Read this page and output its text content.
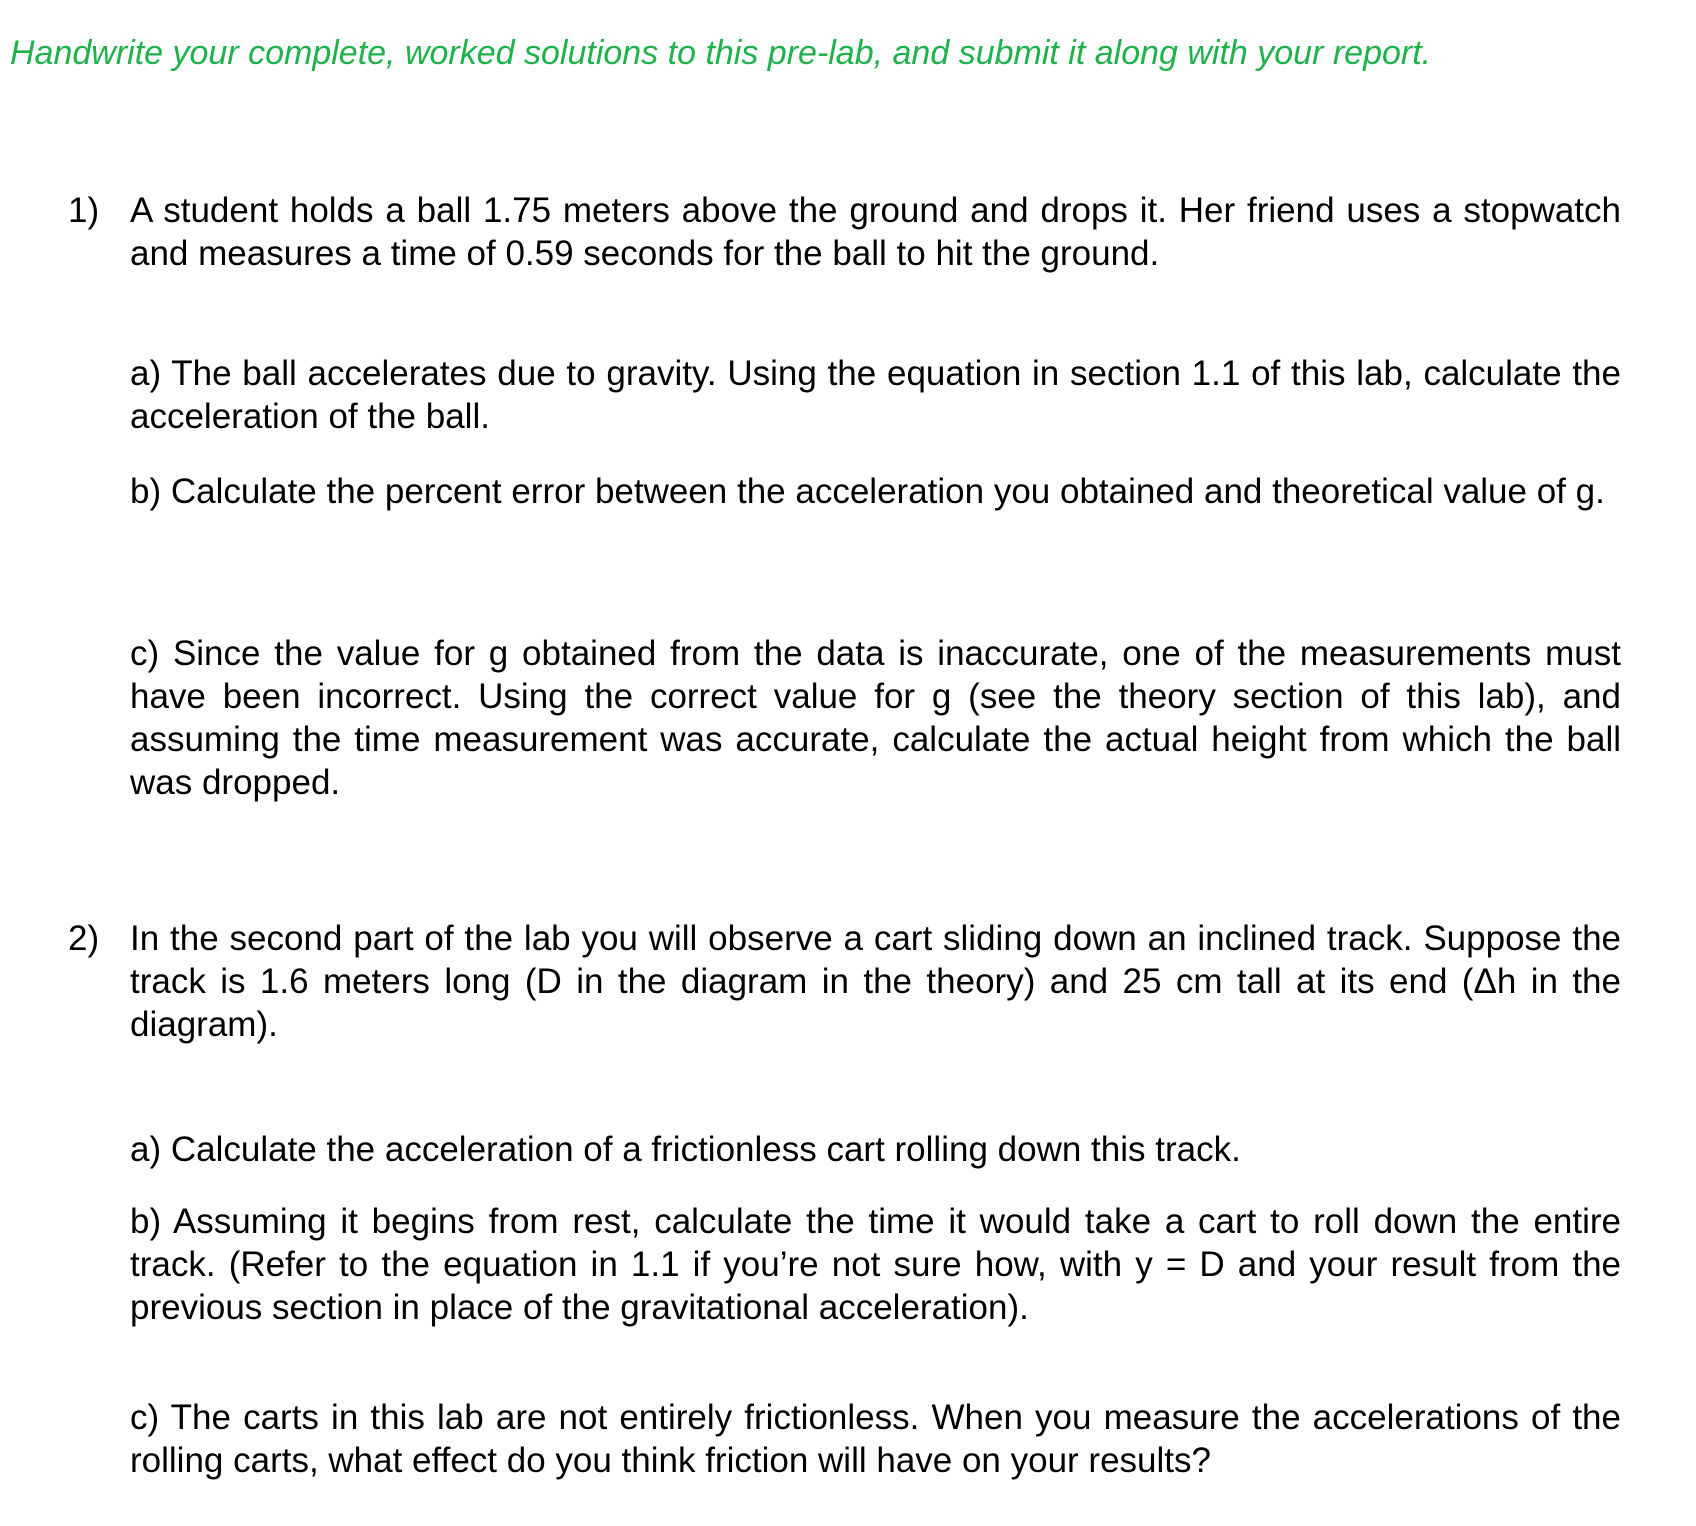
Handwrite your complete, worked solutions to this pre-lab, and submit it along with your report.
1) A student holds a ball 1.75 meters above the ground and drops it. Her friend uses a stopwatch and measures a time of 0.59 seconds for the ball to hit the ground.
a) The ball accelerates due to gravity. Using the equation in section 1.1 of this lab, calculate the acceleration of the ball.
b) Calculate the percent error between the acceleration you obtained and theoretical value of g.
c) Since the value for g obtained from the data is inaccurate, one of the measurements must have been incorrect. Using the correct value for g (see the theory section of this lab), and assuming the time measurement was accurate, calculate the actual height from which the ball was dropped.
2) In the second part of the lab you will observe a cart sliding down an inclined track. Suppose the track is 1.6 meters long (D in the diagram in the theory) and 25 cm tall at its end (Δh in the diagram).
a) Calculate the acceleration of a frictionless cart rolling down this track.
b) Assuming it begins from rest, calculate the time it would take a cart to roll down the entire track. (Refer to the equation in 1.1 if you’re not sure how, with y = D and your result from the previous section in place of the gravitational acceleration).
c) The carts in this lab are not entirely frictionless. When you measure the accelerations of the rolling carts, what effect do you think friction will have on your results?
